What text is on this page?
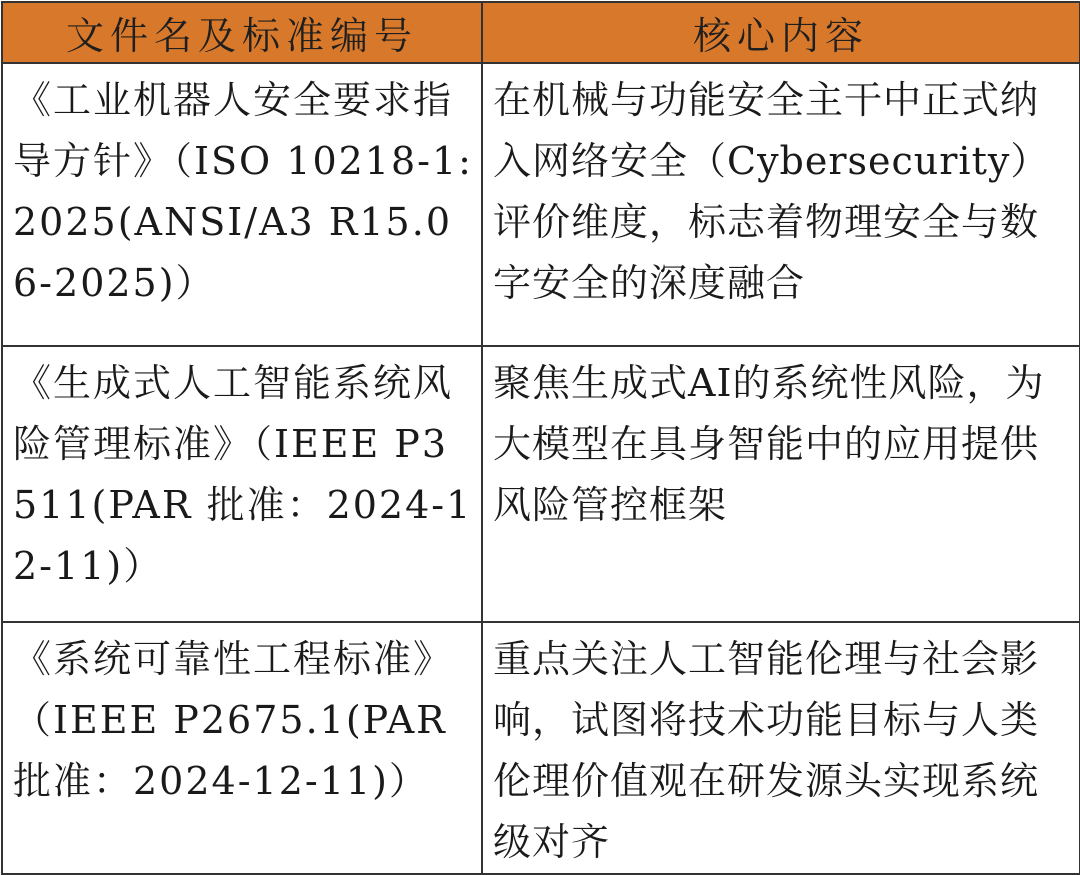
文件名及标准编号	核心内容
《工业机器人安全要求指导方针》（ISO 10218-1:2025(ANSI/A3 R15.06-2025)）	在机械与功能安全主干中正式纳入网络安全（Cybersecurity）评价维度，标志着物理安全与数字安全的深度融合
《生成式人工智能系统风险管理标准》（IEEE P3511(PAR 批准：2024-12-11)）	聚焦生成式AI的系统性风险，为大模型在具身智能中的应用提供风险管控框架
《系统可靠性工程标准》（IEEE P2675.1(PAR 批准：2024-12-11)）	重点关注人工智能伦理与社会影响，试图将技术功能目标与人类伦理价值观在研发源头实现系统级对齐
